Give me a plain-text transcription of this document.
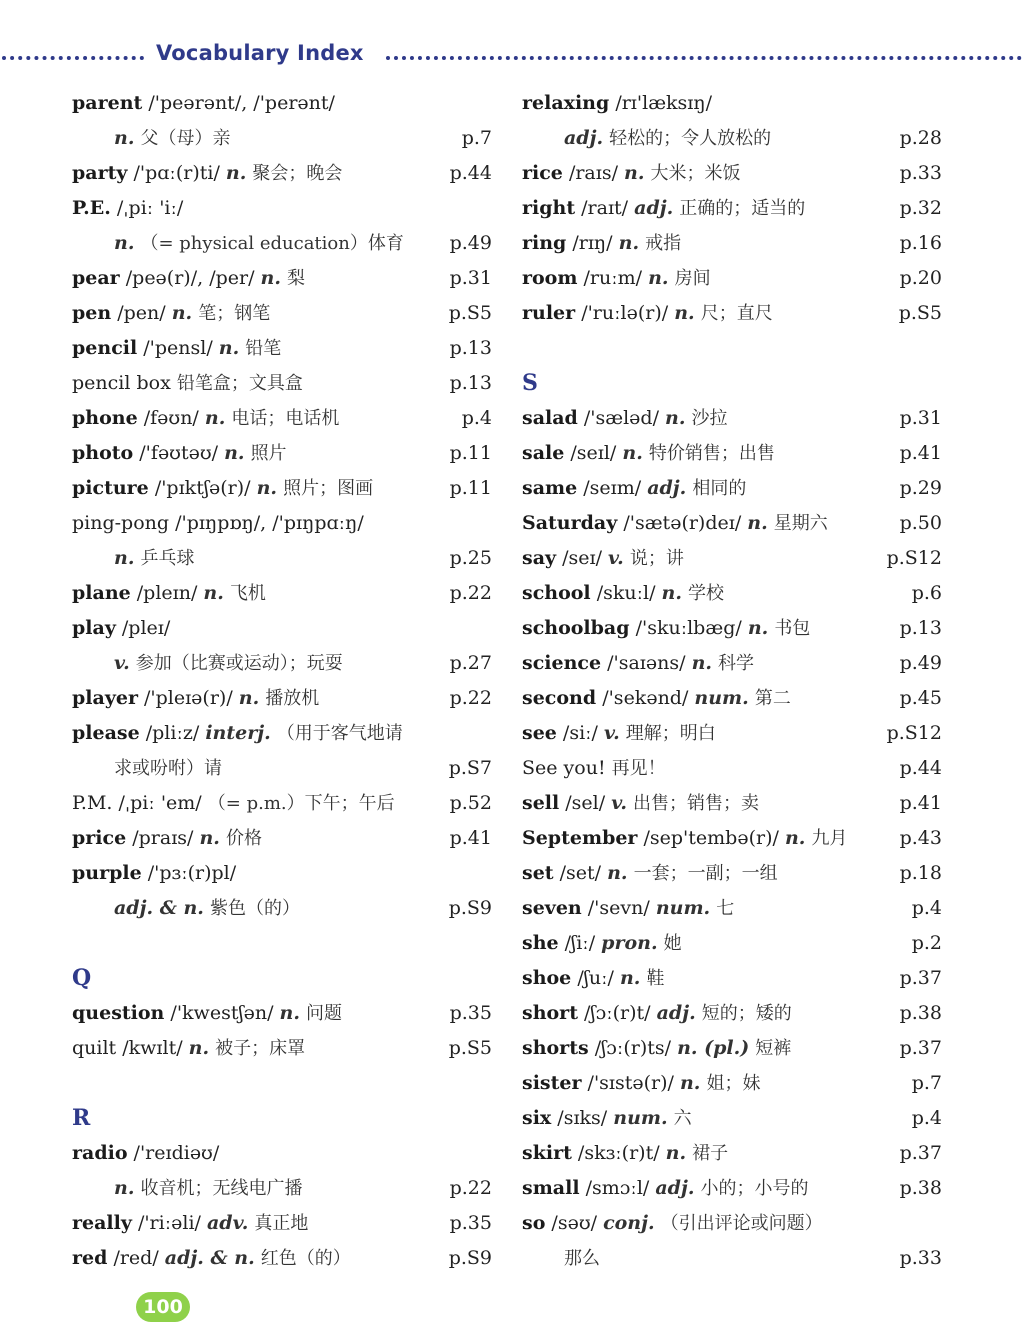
Vocabulary Index
parent /'peərənt/, /'perənt/
n. 父（母）亲	p.7
party /'pɑː(r)ti/ n. 聚会；晚会	p.44
P.E. /ˌpiː 'iː/
n. （= physical education）体育 p.49
pear /peə(r)/, /per/ n. 梨	p.31
pen /pen/ n. 笔；钢笔	p.S5
pencil /'pensl/ n. 铅笔	p.13
pencil box 铅笔盒；文具盒	p.13
phone /fəʊn/ n. 电话；电话机	p.4
photo /'fəʊtəʊ/ n. 照片	p.11
picture /'pɪktʃə(r)/ n. 照片；图画	p.11
ping-pong /'pɪŋpɒŋ/, /'pɪŋpɑːŋ/
n. 乒乓球	p.25
plane /pleɪn/ n. 飞机	p.22
play /pleɪ/
v. 参加（比赛或运动）；玩耍	p.27
player /'pleɪə(r)/ n. 播放机	p.22
please /pliːz/ interj. （用于客气地请
求或吩咐）请	p.S7
P.M. /ˌpiː 'em/ （= p.m.）下午；午后	p.52
price /praɪs/ n. 价格	p.41
purple /'pɜː(r)pl/
adj. & n. 紫色（的）	p.S9
Q
question /'kwestʃən/ n. 问题	p.35
quilt /kwɪlt/ n. 被子；床罩	p.S5
R
radio /'reɪdiəʊ/
n. 收音机；无线电广播	p.22
really /'riːəli/ adv. 真正地	p.35
red /red/ adj. & n. 红色（的）	p.S9
relaxing /rɪ'læksɪŋ/
adj. 轻松的；令人放松的	p.28
rice /raɪs/ n. 大米；米饭	p.33
right /raɪt/ adj. 正确的；适当的	p.32
ring /rɪŋ/ n. 戒指	p.16
room /ruːm/ n. 房间	p.20
ruler /'ruːlə(r)/ n. 尺；直尺	p.S5
S
salad /'sæləd/ n. 沙拉	p.31
sale /seɪl/ n. 特价销售；出售	p.41
same /seɪm/ adj. 相同的	p.29
Saturday /'sætə(r)deɪ/ n. 星期六	p.50
say /seɪ/ v. 说；讲	p.S12
school /skuːl/ n. 学校	p.6
schoolbag /'skuːlbæg/ n. 书包	p.13
science /'saɪəns/ n. 科学	p.49
second /'sekənd/ num. 第二	p.45
see /siː/ v. 理解；明白	p.S12
See you! 再见！	p.44
sell /sel/ v. 出售；销售；卖	p.41
September /sep'tembə(r)/ n. 九月	p.43
set /set/ n. 一套；一副；一组	p.18
seven /'sevn/ num. 七	p.4
she /ʃiː/ pron. 她	p.2
shoe /ʃuː/ n. 鞋	p.37
short /ʃɔː(r)t/ adj. 短的；矮的	p.38
shorts /ʃɔː(r)ts/ n. (pl.) 短裤	p.37
sister /'sɪstə(r)/ n. 姐；妹	p.7
six /sɪks/ num. 六	p.4
skirt /skɜː(r)t/ n. 裙子	p.37
small /smɔːl/ adj. 小的；小号的	p.38
so /səʊ/ conj. （引出评论或问题）
那么	p.33
100
